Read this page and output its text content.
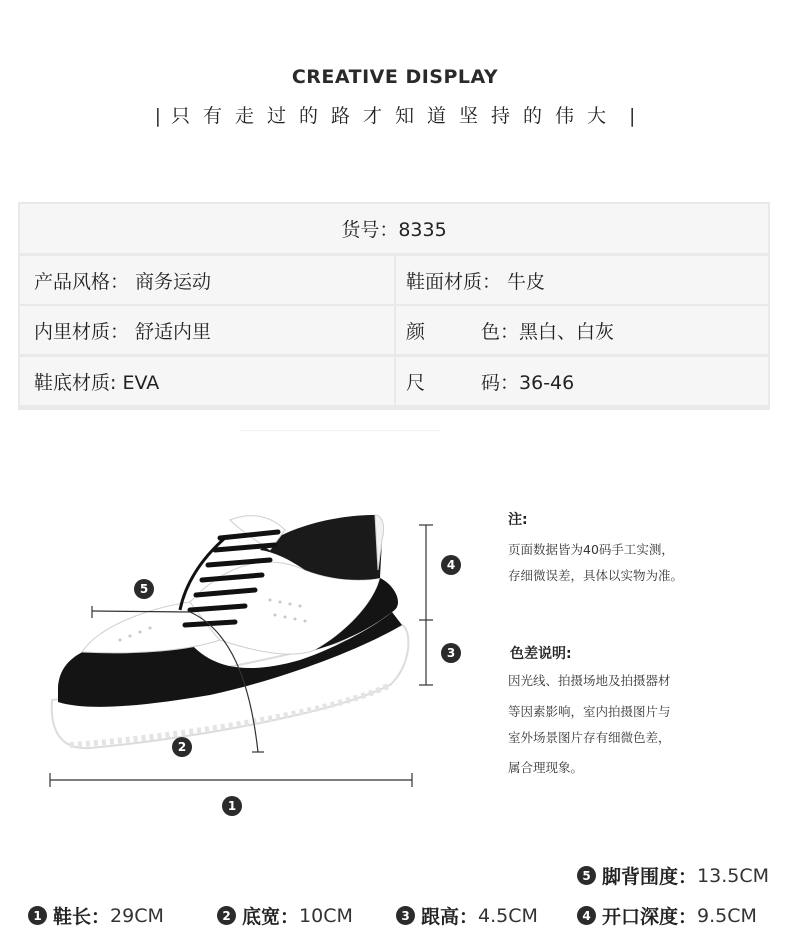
CREATIVE DISPLAY
| 只有走过的路才知道坚持的伟大 |
货号：8335
产品风格： 商务运动	鞋面材质： 牛皮
内里材质： 舒适内里	颜	色：黑白、白灰
鞋底材质: EVA	尺	码：36-46
5
2
1
4
3
注:
页面数据皆为40码手工实测，
存细微误差，具体以实物为准。
色差说明:
因光线、拍摄场地及拍摄器材
等因素影响，室内拍摄图片与
室外场景图片存有细微色差，
属合理现象。
5 脚背围度： 13.5CM
1 鞋长： 29CM	2 底宽： 10CM	3 跟高： 4.5CM	4 开口深度： 9.5CM
